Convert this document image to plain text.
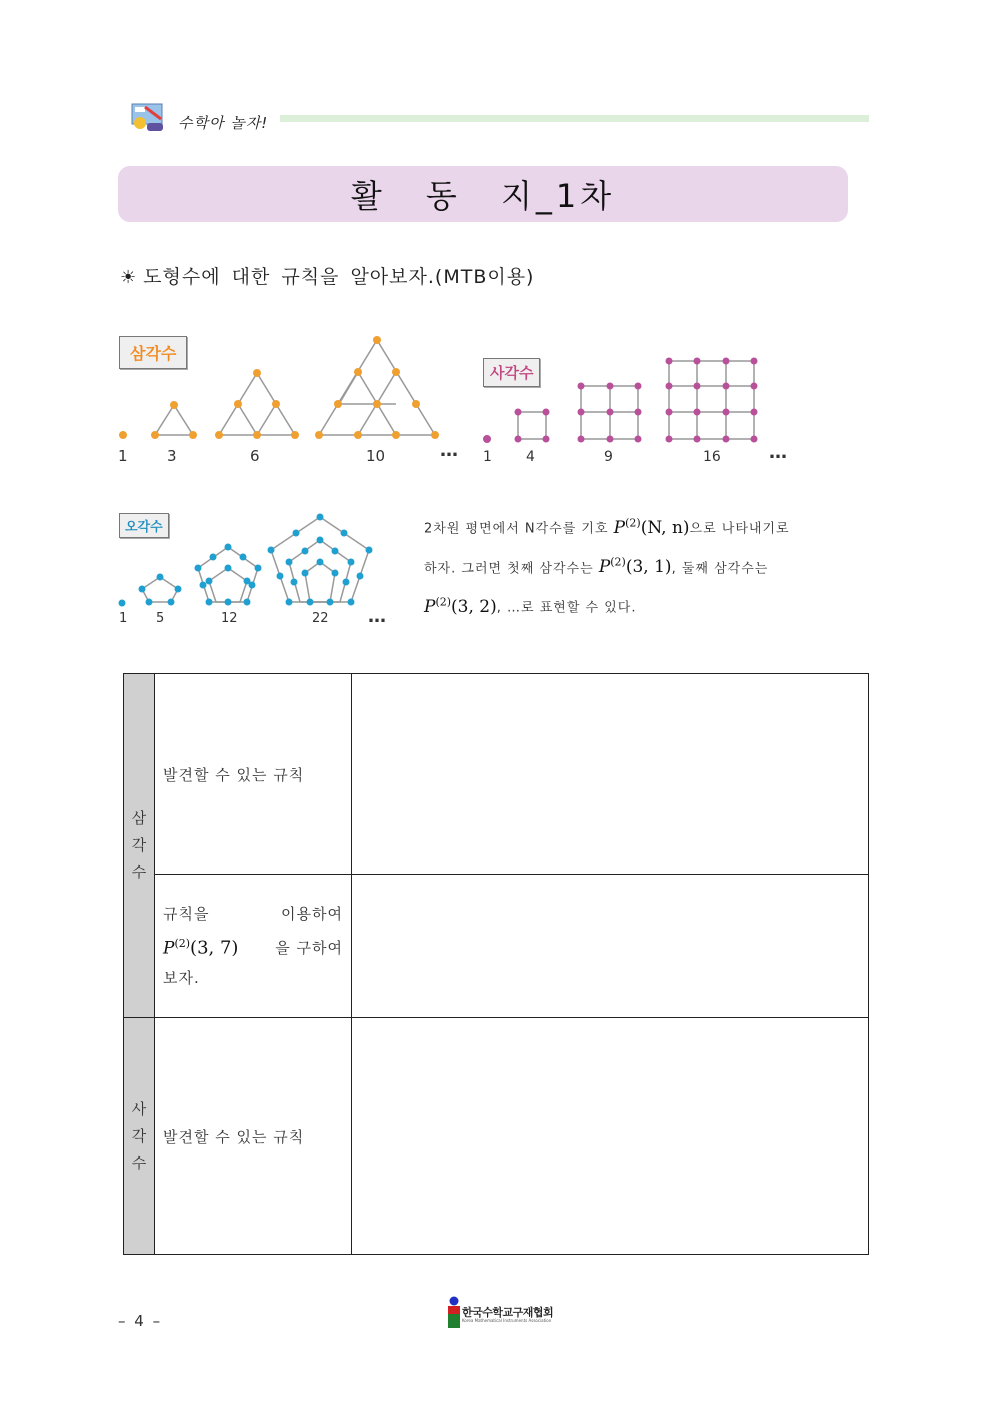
수학아 놀자!
활 동 지_1차
☀ 도형수에 대한 규칙을 알아보자.(MTB이용)
삼각수
사각수
오각수
1	3	6	10	… 1 4	9	16	…
1 5	12	22 …
2차원 평면에서 N각수를 기호 $P^{(2)}(N$, n)으로 나타내기로
하자. 그러면 첫째 삼각수는 $P^{(2)}(3$, 1), 둘째 삼각수는
$P^{(2)}(3$, 2), …로 표현할 수 있다.
삼
각
수	발견할 수 있는 규칙	

	규칙을 이용하여
$P^{(2)}(3$, 7) 을 구하여
보자.	

사
각
수	발견할 수 있는 규칙	
– 4 –	한국수학교구재협회
Korea Mathematical Instruments Association
